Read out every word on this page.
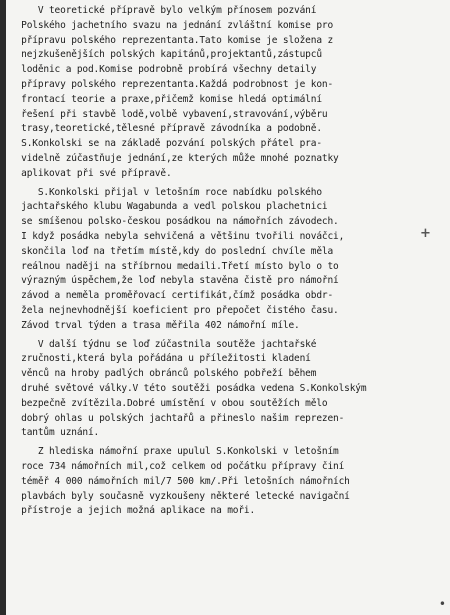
V teoretické přípravě bylo velkým přínosem pozvání
Polského jachetního svazu na jednání zvláštní komise pro
přípravu polského reprezentanta.Tato komise je složena z
nejzkušenějších polských kapitánů,projektantů,zástupců
loděnic a pod.Komise podrobně probírá všechny detaily
přípravy polského reprezentanta.Každá podrobnost je kon-
frontací teorie a praxe,přičemž komise hledá optimální
řešení při stavbě lodě,volbě vybavení,stravování,výběru
trasy,teoretické,tělesné přípravě závodníka a podobně.
S.Konkolski se na základě pozvání polských přátel pra-
videlně zúčastňuje jednání,ze kterých může mnohé poznatky
aplikovat při své přípravě.
S.Konkolski přijal v letošním roce nabídku polského
jachtařského klubu Wagabunda a vedl polskou plachetnici
se smíšenou polsko-českou posádkou na námořních závodech.
I když posádka nebyla sehvičená a většinu tvořili nováčci,
skončila loď na třetím místě,kdy do poslední chvíle měla
reálnou naději na stříbrnou medaili.Třetí místo bylo o to
výrazným úspěchem,že loď nebyla stavěna čistě pro námořní
závod a neměla proměřovací certifikát,čímž posádka obdr-
žela nejnevhodnější koeficient pro přepočet čistého času.
Závod trval týden a trasa měřila 402 námořní míle.
V další týdnu se loď zúčastnila soutěže jachtařské
zručnosti,která byla pořádána u příležitosti kladení
věnců na hroby padlých obránců polského pobřeží během
druhé světové války.V této soutěži posádka vedena S.Konkolským
bezpečně zvítězila.Dobré umístění v obou soutěžích mělo
dobrý ohlas u polských jachtařů a přineslo našim reprezen-
tantům uznání.
Z hlediska námořní praxe upulul S.Konkolski v letošním
roce 734 námořních mil,což celkem od počátku přípravy činí
téměř 4 000 námořních mil/7 500 km/.Při letošních námořních
plavbách byly současně vyzkoušeny některé letecké navigační
přístroje a jejich možná aplikace na moři.
+
•
